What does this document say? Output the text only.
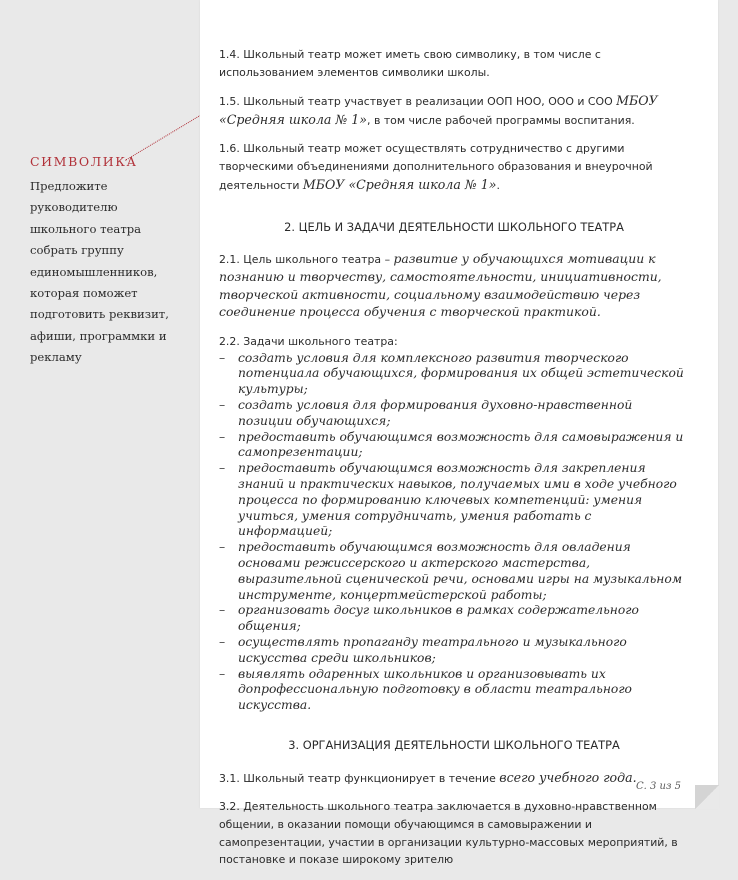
СИМВОЛИКА
Предложите руководителю школьного театра собрать группу единомышленников, которая поможет подготовить реквизит, афиши, программки и рекламу

1.4. Школьный театр может иметь свою символику, в том числе с использованием элементов символики школы.

1.5. Школьный театр участвует в реализации ООП НОО, ООО и СОО МБОУ «Средняя школа № 1», в том числе рабочей программы воспитания.

1.6. Школьный театр может осуществлять сотрудничество с другими творческими объединениями дополнительного образования и внеурочной деятельности МБОУ «Средняя школа № 1».

2. ЦЕЛЬ И ЗАДАЧИ ДЕЯТЕЛЬНОСТИ ШКОЛЬНОГО ТЕАТРА

2.1. Цель школьного театра – развитие у обучающихся мотивации к познанию и творчеству, самостоятельности, инициативности, творческой активности, социальному взаимодействию через соединение процесса обучения с творческой практикой.

2.2. Задачи школьного театра:

– создать условия для комплексного развития творческого потенциала обучающихся, формирования их общей эстетической культуры;
– создать условия для формирования духовно-нравственной позиции обучающихся;
– предоставить обучающимся возможность для самовыражения и самопрезентации;
– предоставить обучающимся возможность для закрепления знаний и практических навыков, получаемых ими в ходе учебного процесса по формированию ключевых компетенций: умения учиться, умения сотрудничать, умения работать с информацией;
– предоставить обучающимся возможность для овладения основами режиссерского и актерского мастерства, выразительной сценической речи, основами игры на музыкальном инструменте, концертмейстерской работы;
– организовать досуг школьников в рамках содержательного общения;
– осуществлять пропаганду театрального и музыкального искусства среди школьников;
– выявлять одаренных школьников и организовывать их допрофессиональную подготовку в области театрального искусства.
3. ОРГАНИЗАЦИЯ ДЕЯТЕЛЬНОСТИ ШКОЛЬНОГО ТЕАТРА

3.1. Школьный театр функционирует в течение всего учебного года.

3.2. Деятельность школьного театра заключается в духовно-нравственном общении, в оказании помощи обучающимся в самовыражении и самопрезентации, участии в организации культурно-массовых мероприятий, в постановке и показе широкому зрителю

С. 3 из 5
